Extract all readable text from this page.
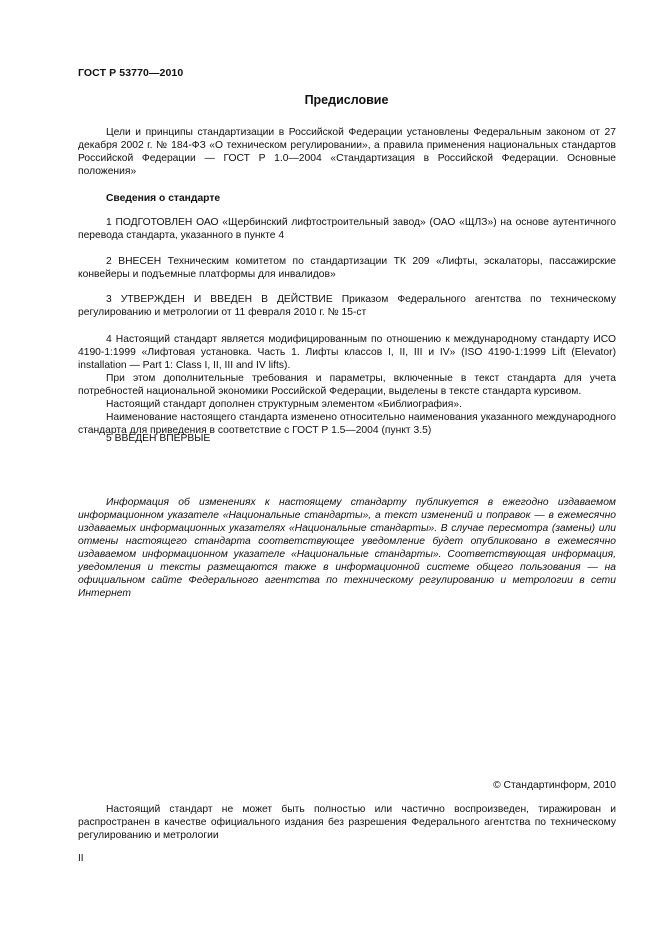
ГОСТ Р 53770—2010
Предисловие

Цели и принципы стандартизации в Российской Федерации установлены Федеральным законом от 27 декабря 2002 г. № 184-ФЗ «О техническом регулировании», а правила применения национальных стандартов Российской Федерации — ГОСТ Р 1.0—2004 «Стандартизация в Российской Федерации. Основные положения»

Сведения о стандарте

1 ПОДГОТОВЛЕН ОАО «Щербинский лифтостроительный завод» (ОАО «ЩЛЗ») на основе аутентичного перевода стандарта, указанного в пункте 4

2 ВНЕСЕН Техническим комитетом по стандартизации ТК 209 «Лифты, эскалаторы, пассажирские конвейеры и подъемные платформы для инвалидов»

3 УТВЕРЖДЕН И ВВЕДЕН В ДЕЙСТВИЕ Приказом Федерального агентства по техническому регулированию и метрологии от 11 февраля 2010 г. № 15-ст

4 Настоящий стандарт является модифицированным по отношению к международному стандарту ИСО 4190-1:1999 «Лифтовая установка. Часть 1. Лифты классов I, II, III и IV» (ISO 4190-1:1999 Lift (Elevator) installation — Part 1: Class I, II, III and IV lifts).

При этом дополнительные требования и параметры, включенные в текст стандарта для учета потребностей национальной экономики Российской Федерации, выделены в тексте стандарта курсивом.

Настоящий стандарт дополнен структурным элементом «Библиография».

Наименование настоящего стандарта изменено относительно наименования указанного международного стандарта для приведения в соответствие с ГОСТ Р 1.5—2004 (пункт 3.5)

5 ВВЕДЕН ВПЕРВЫЕ

Информация об изменениях к настоящему стандарту публикуется в ежегодно издаваемом информационном указателе «Национальные стандарты», а текст изменений и поправок — в ежемесячно издаваемых информационных указателях «Национальные стандарты». В случае пересмотра (замены) или отмены настоящего стандарта соответствующее уведомление будет опубликовано в ежемесячно издаваемом информационном указателе «Национальные стандарты». Соответствующая информация, уведомления и тексты размещаются также в информационной системе общего пользования — на официальном сайте Федерального агентства по техническому регулированию и метрологии в сети Интернет

© Стандартинформ, 2010

Настоящий стандарт не может быть полностью или частично воспроизведен, тиражирован и распространен в качестве официального издания без разрешения Федерального агентства по техническому регулированию и метрологии

II
